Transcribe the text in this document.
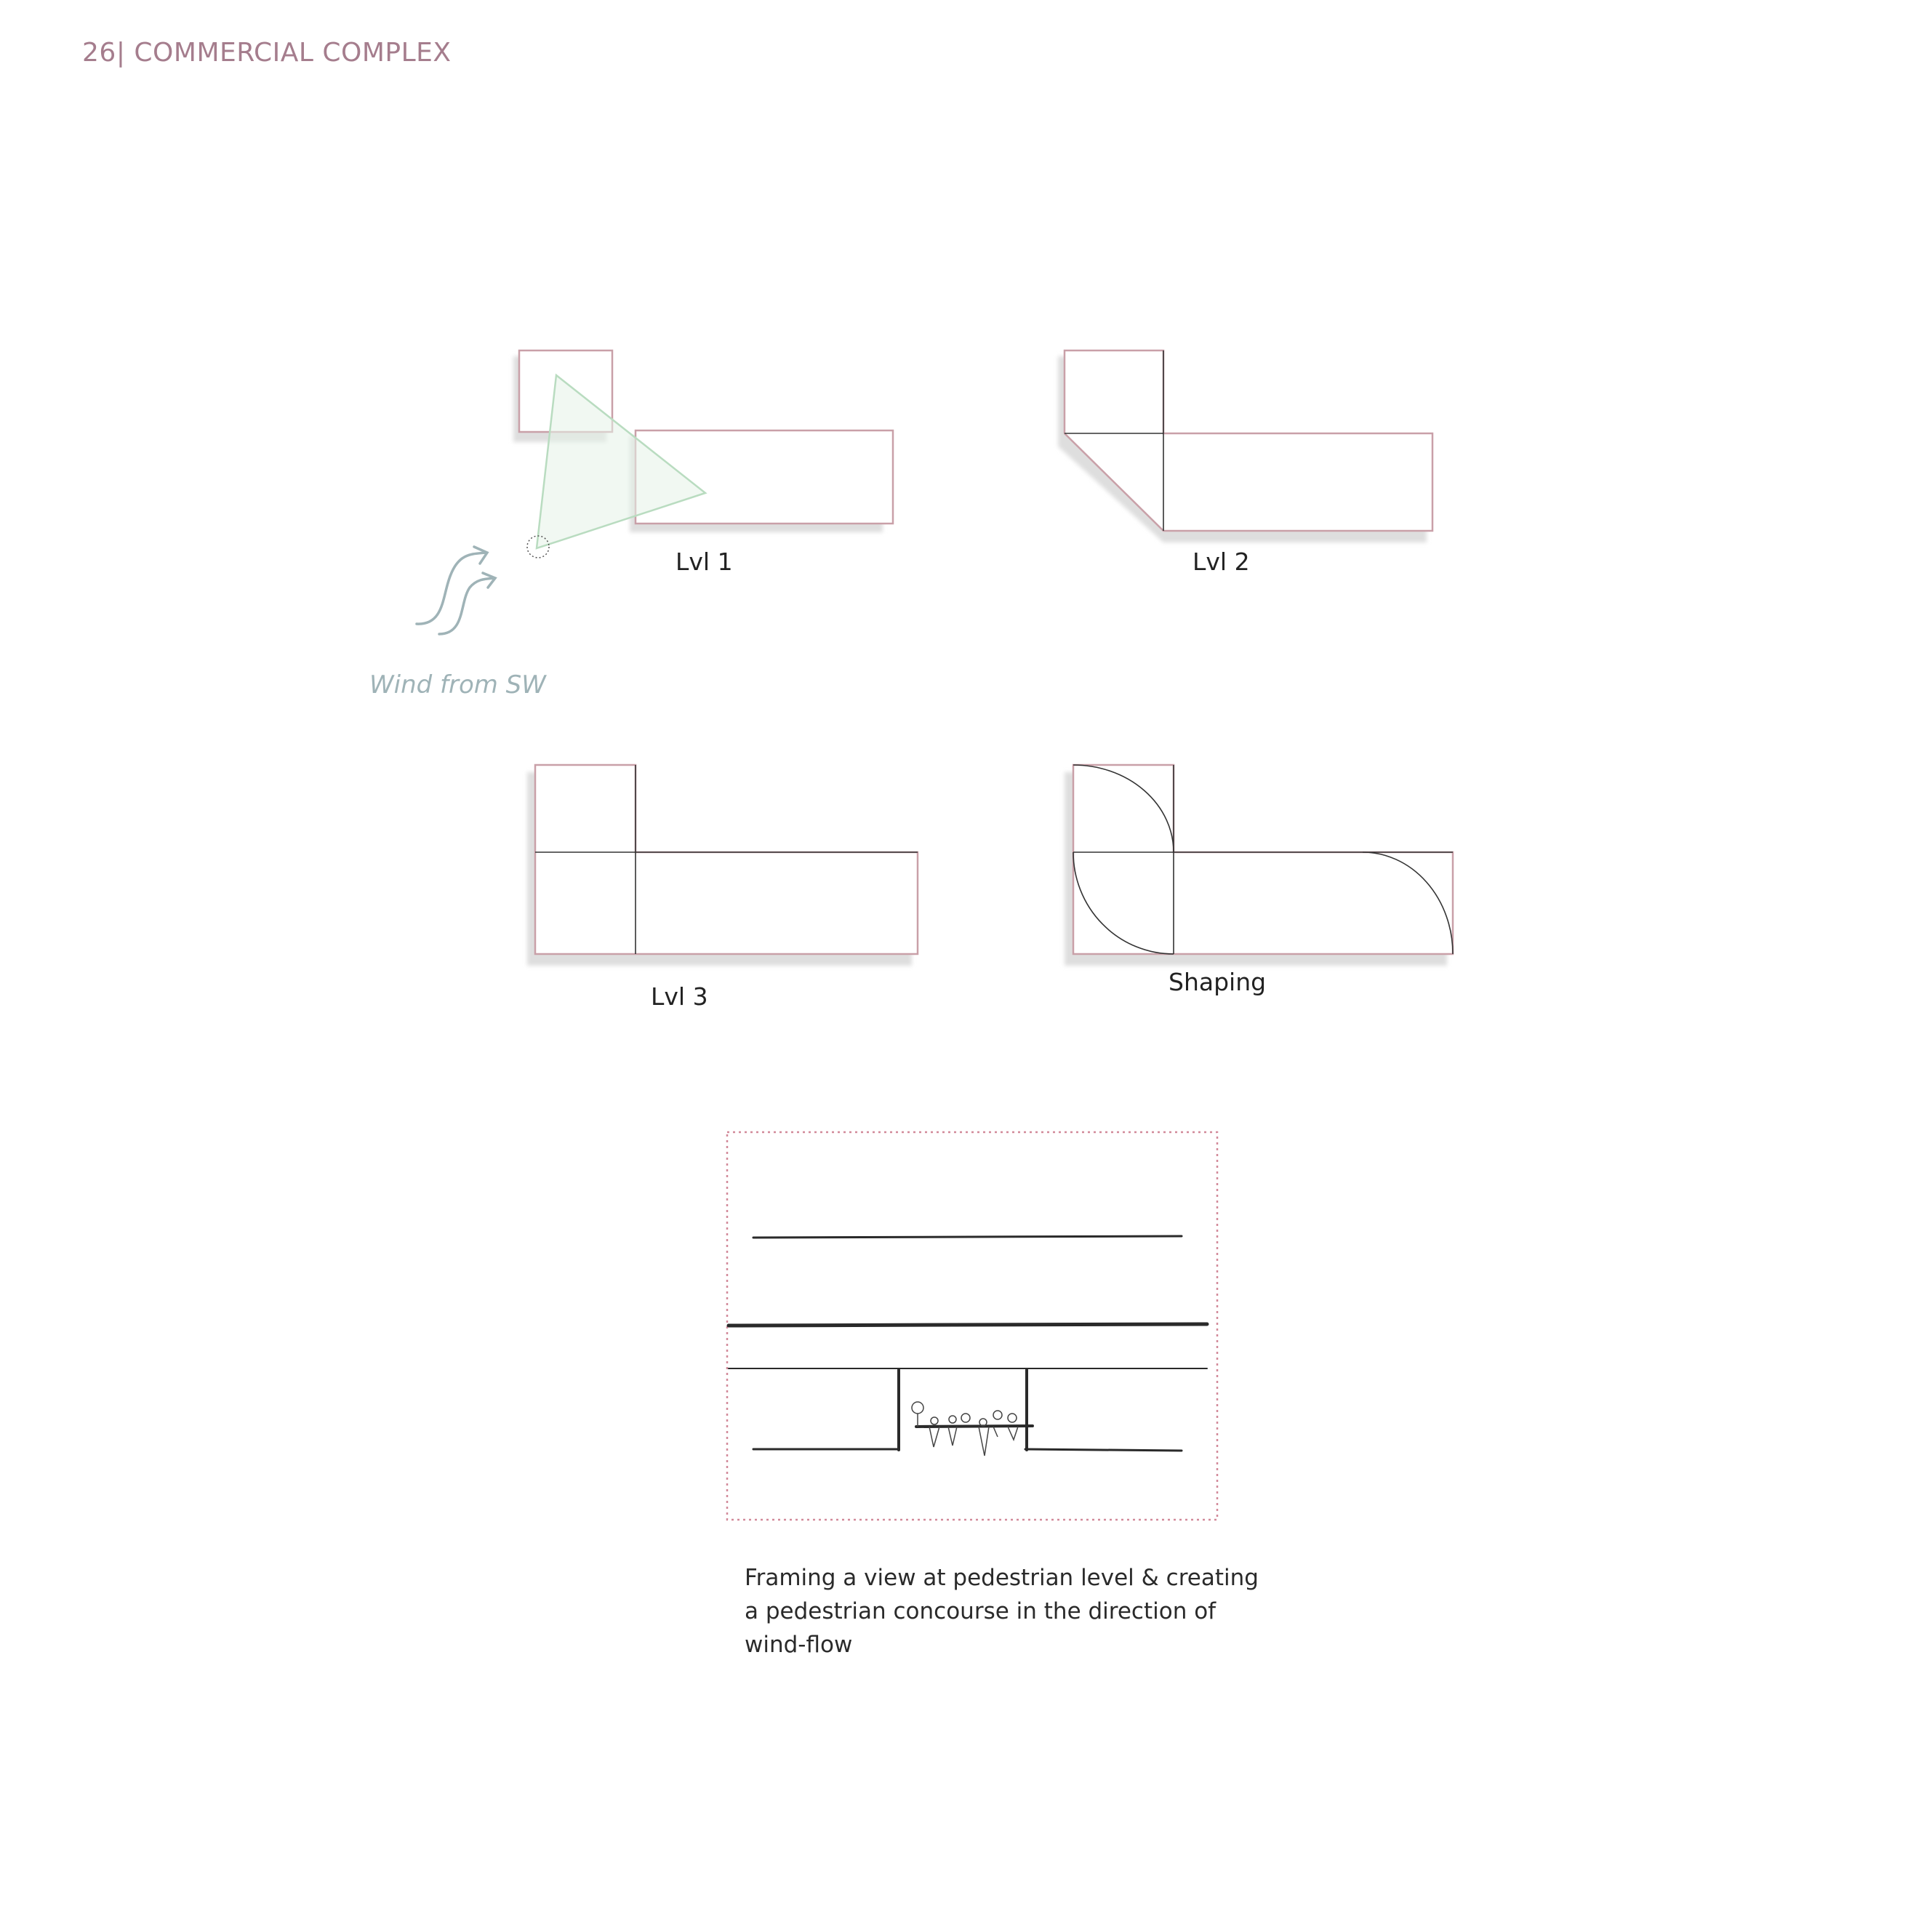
26| COMMERCIAL COMPLEX
Lvl 1
Wind from SW
Lvl 2
Lvl 3
Shaping
Framing a view at pedestrian level & creating
a pedestrian concourse in the direction of
wind-flow
